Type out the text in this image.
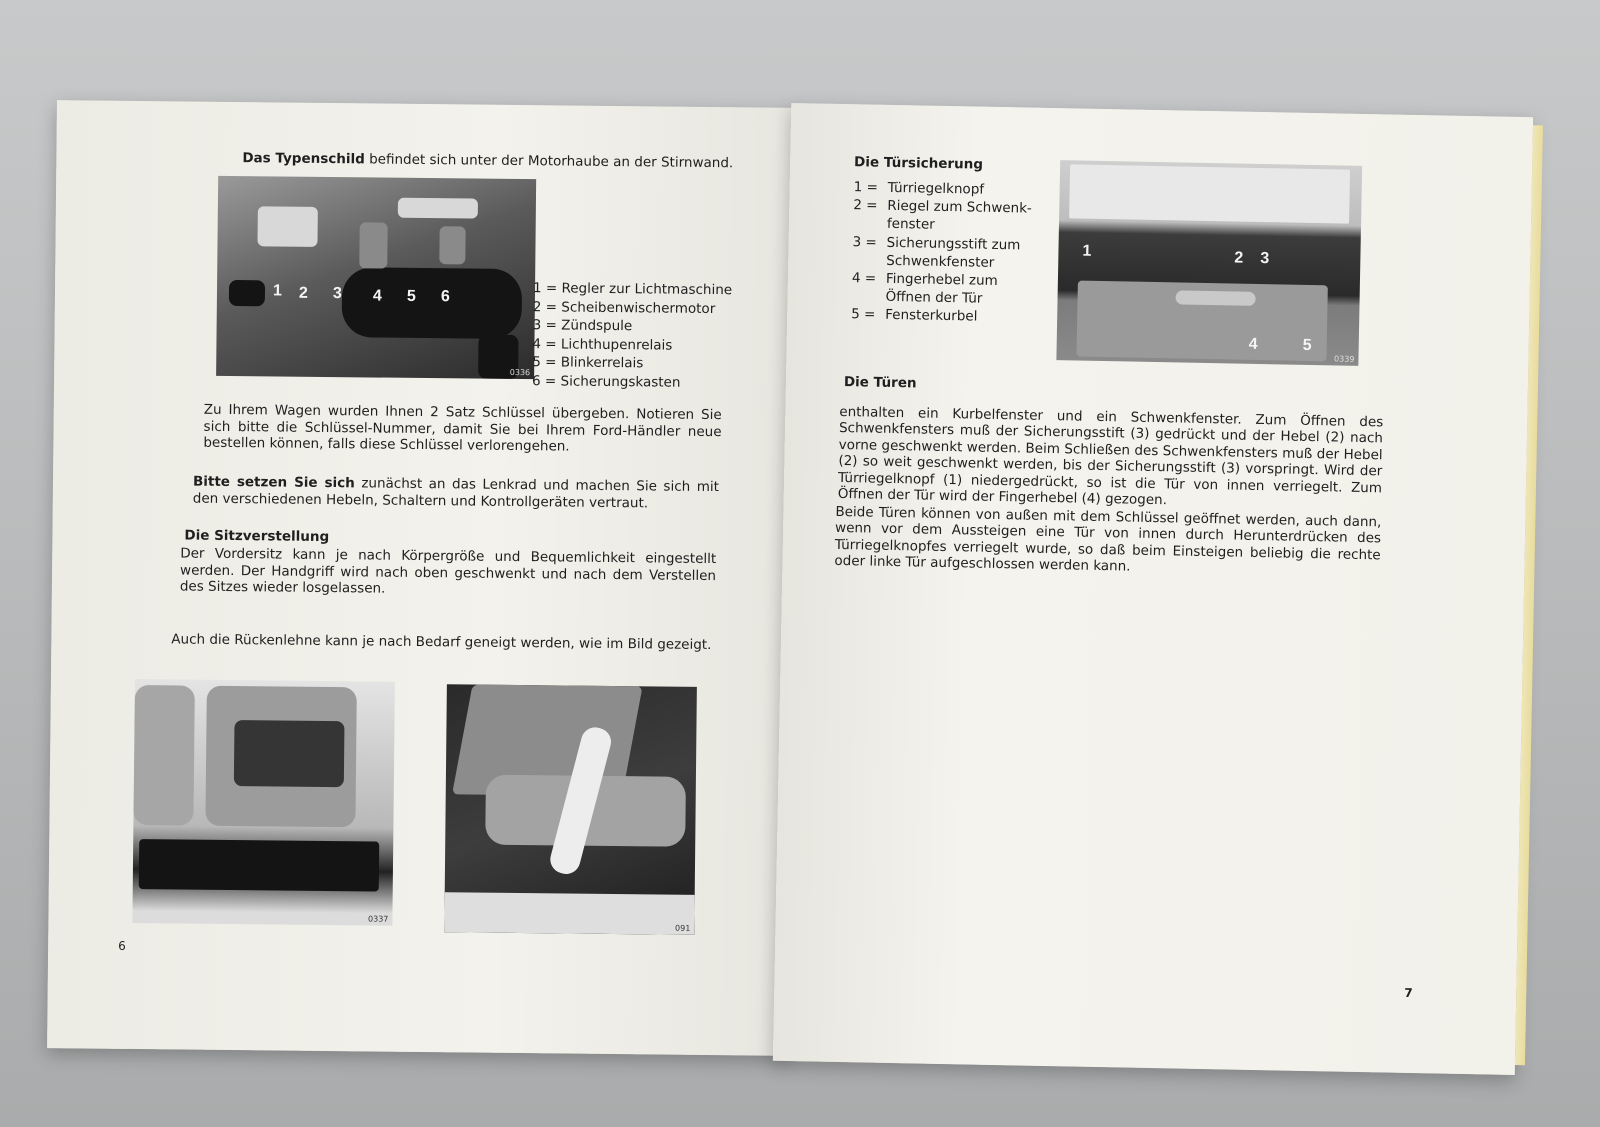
Das Typenschild befindet sich unter der Motorhaube an der Stirnwand.
1 2 3 4 5 6
0336
1 = Regler zur Lichtmaschine
2 = Scheibenwischermotor
3 = Zündspule
4 = Lichthupenrelais
5 = Blinkerrelais
6 = Sicherungskasten
Zu Ihrem Wagen wurden Ihnen 2 Satz Schlüssel übergeben. Notieren Sie sich bitte die Schlüssel-Nummer, damit Sie bei Ihrem Ford-Händler neue bestellen können, falls diese Schlüssel verlorengehen.
Bitte setzen Sie sich zunächst an das Lenkrad und machen Sie sich mit den verschiedenen Hebeln, Schaltern und Kontrollgeräten vertraut.
Die Sitzverstellung
Der Vordersitz kann je nach Körpergröße und Bequemlichkeit eingestellt werden. Der Handgriff wird nach oben geschwenkt und nach dem Verstellen des Sitzes wieder losgelassen.
Auch die Rückenlehne kann je nach Bedarf geneigt werden, wie im Bild gezeigt.
0337
091
6
Die Türsicherung
1 = Türriegelknopf
2 = Riegel zum Schwenk-
fenster
3 = Sicherungsstift zum
Schwenkfenster
4 = Fingerhebel zum
Öffnen der Tür
5 = Fensterkurbel
1	2 3
4	5
0339
Die Türen
enthalten ein Kurbelfenster und ein Schwenkfenster. Zum Öffnen des Schwenkfensters muß der Sicherungsstift (3) gedrückt und der Hebel (2) nach vorne geschwenkt werden. Beim Schließen des Schwenkfensters muß der Hebel (2) so weit geschwenkt werden, bis der Sicherungsstift (3) vorspringt. Wird der Türriegelknopf (1) niedergedrückt, so ist die Tür von innen verriegelt. Zum Öffnen der Tür wird der Fingerhebel (4) gezogen.
Beide Türen können von außen mit dem Schlüssel geöffnet werden, auch dann, wenn vor dem Aussteigen eine Tür von innen durch Herunterdrücken des Türriegelknopfes verriegelt wurde, so daß beim Einsteigen beliebig die rechte oder linke Tür aufgeschlossen werden kann.
7
